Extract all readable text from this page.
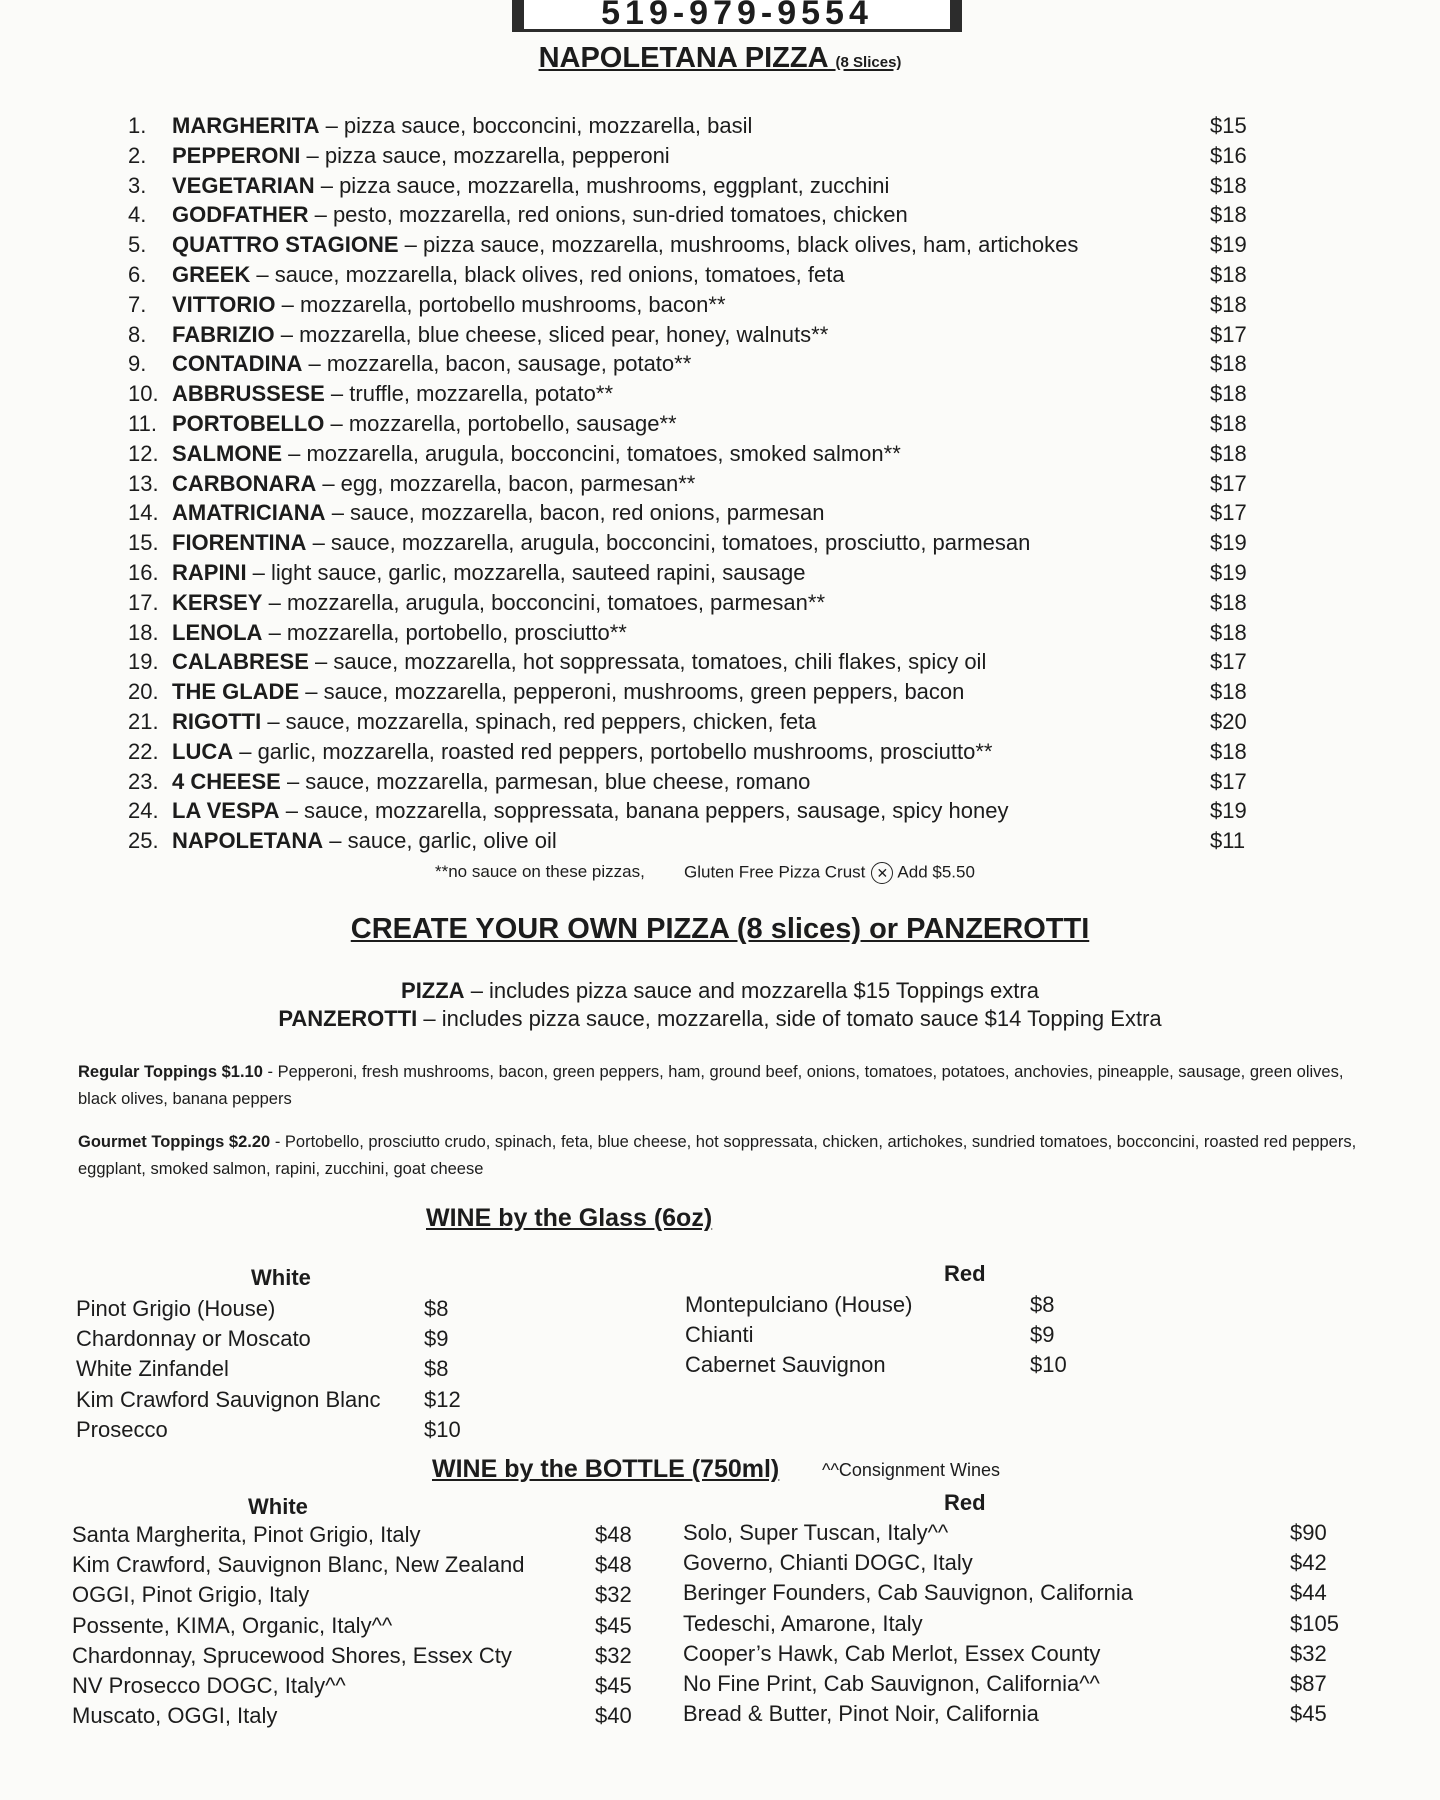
519-979-9554
NAPOLETANA PIZZA (8 Slices)
1.	MARGHERITA – pizza sauce, bocconcini, mozzarella, basil	$15
2.	PEPPERONI – pizza sauce, mozzarella, pepperoni	$16
3.	VEGETARIAN – pizza sauce, mozzarella, mushrooms, eggplant, zucchini	$18
4.	GODFATHER – pesto, mozzarella, red onions, sun-dried tomatoes, chicken	$18
5.	QUATTRO STAGIONE – pizza sauce, mozzarella, mushrooms, black olives, ham, artichokes	$19
6.	GREEK – sauce, mozzarella, black olives, red onions, tomatoes, feta	$18
7.	VITTORIO – mozzarella, portobello mushrooms, bacon**	$18
8.	FABRIZIO – mozzarella, blue cheese, sliced pear, honey, walnuts**	$17
9.	CONTADINA – mozzarella, bacon, sausage, potato**	$18
10. ABBRUSSESE – truffle, mozzarella, potato**	$18
11. PORTOBELLO – mozzarella, portobello, sausage**	$18
12. SALMONE – mozzarella, arugula, bocconcini, tomatoes, smoked salmon**	$18
13. CARBONARA – egg, mozzarella, bacon, parmesan**	$17
14. AMATRICIANA – sauce, mozzarella, bacon, red onions, parmesan	$17
15. FIORENTINA – sauce, mozzarella, arugula, bocconcini, tomatoes, prosciutto, parmesan	$19
16. RAPINI – light sauce, garlic, mozzarella, sauteed rapini, sausage	$19
17. KERSEY – mozzarella, arugula, bocconcini, tomatoes, parmesan**	$18
18. LENOLA – mozzarella, portobello, prosciutto**	$18
19. CALABRESE – sauce, mozzarella, hot soppressata, tomatoes, chili flakes, spicy oil	$17
20. THE GLADE – sauce, mozzarella, pepperoni, mushrooms, green peppers, bacon	$18
21. RIGOTTI – sauce, mozzarella, spinach, red peppers, chicken, feta	$20
22. LUCA – garlic, mozzarella, roasted red peppers, portobello mushrooms, prosciutto**	$18
23. 4 CHEESE – sauce, mozzarella, parmesan, blue cheese, romano	$17
24. LA VESPA – sauce, mozzarella, soppressata, banana peppers, sausage, spicy honey	$19
25. NAPOLETANA – sauce, garlic, olive oil	$11
**no sauce on these pizzas, Gluten Free Pizza Crust ✕ Add $5.50
CREATE YOUR OWN PIZZA (8 slices) or PANZEROTTI
PIZZA – includes pizza sauce and mozzarella $15 Toppings extra
PANZEROTTI – includes pizza sauce, mozzarella, side of tomato sauce $14 Topping Extra
Regular Toppings $1.10 - Pepperoni, fresh mushrooms, bacon, green peppers, ham, ground beef, onions, tomatoes, potatoes, anchovies, pineapple, sausage, green olives, black olives, banana peppers
Gourmet Toppings $2.20 - Portobello, prosciutto crudo, spinach, feta, blue cheese, hot soppressata, chicken, artichokes, sundried tomatoes, bocconcini, roasted red peppers, eggplant, smoked salmon, rapini, zucchini, goat cheese
WINE by the Glass (6oz)
White	Red
Pinot Grigio (House)	$8
Chardonnay or Moscato	$9
White Zinfandel	$8
Kim Crawford Sauvignon Blanc $12
Prosecco	$10
Montepulciano (House)	$8
Chianti	$9
Cabernet Sauvignon	$10
WINE by the BOTTLE (750ml) ^^Consignment Wines
White	Red
Santa Margherita, Pinot Grigio, Italy	$48
Kim Crawford, Sauvignon Blanc, New Zealand	$48
OGGI, Pinot Grigio, Italy	$32
Possente, KIMA, Organic, Italy^^	$45
Chardonnay, Sprucewood Shores, Essex Cty	$32
NV Prosecco DOGC, Italy^^	$45
Muscato, OGGI, Italy	$40
Solo, Super Tuscan, Italy^^	$90
Governo, Chianti DOGC, Italy	$42
Beringer Founders, Cab Sauvignon, California	$44
Tedeschi, Amarone, Italy	$105
Cooper’s Hawk, Cab Merlot, Essex County	$32
No Fine Print, Cab Sauvignon, California^^	$87
Bread & Butter, Pinot Noir, California	$45
